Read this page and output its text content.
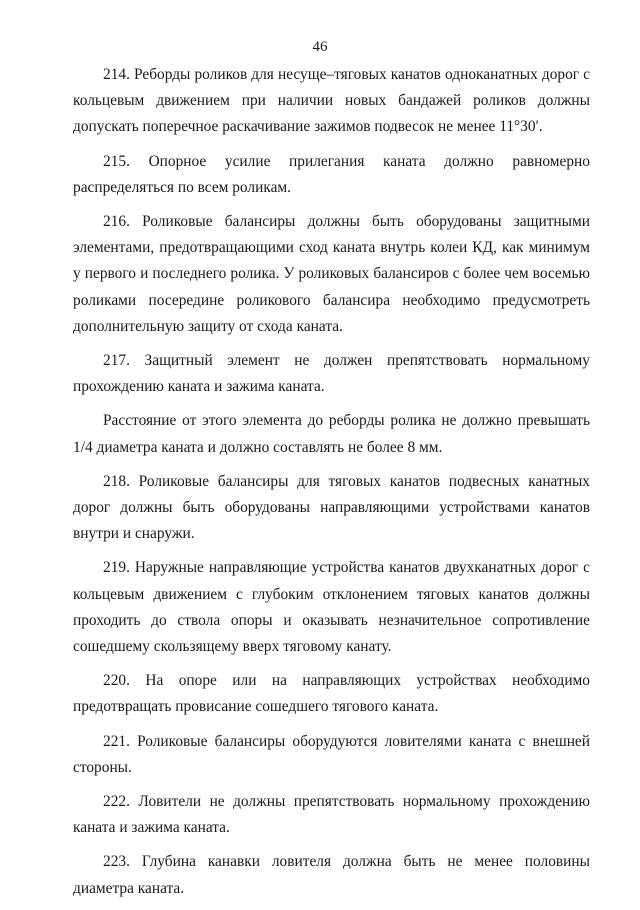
46

214. Реборды роликов для несуще–тяговых канатов одноканатных дорог с кольцевым движением при наличии новых бандажей роликов должны допускать поперечное раскачивание зажимов подвесок не менее 11°30′.

215. Опорное усилие прилегания каната должно равномерно распределяться по всем роликам.

216. Роликовые балансиры должны быть оборудованы защитными элементами, предотвращающими сход каната внутрь колеи КД, как минимум у первого и последнего ролика. У роликовых балансиров с более чем восемью роликами посередине роликового балансира необходимо предусмотреть дополнительную защиту от схода каната.

217. Защитный элемент не должен препятствовать нормальному прохождению каната и зажима каната.

Расстояние от этого элемента до реборды ролика не должно превышать 1/4 диаметра каната и должно составлять не более 8 мм.

218. Роликовые балансиры для тяговых канатов подвесных канатных дорог должны быть оборудованы направляющими устройствами канатов внутри и снаружи.

219. Наружные направляющие устройства канатов двухканатных дорог с кольцевым движением с глубоким отклонением тяговых канатов должны проходить до ствола опоры и оказывать незначительное сопротивление сошедшему скользящему вверх тяговому канату.

220. На опоре или на направляющих устройствах необходимо предотвращать провисание сошедшего тягового каната.

221. Роликовые балансиры оборудуются ловителями каната с внешней стороны.

222. Ловители не должны препятствовать нормальному прохождению каната и зажима каната.

223. Глубина канавки ловителя должна быть не менее половины диаметра каната.
